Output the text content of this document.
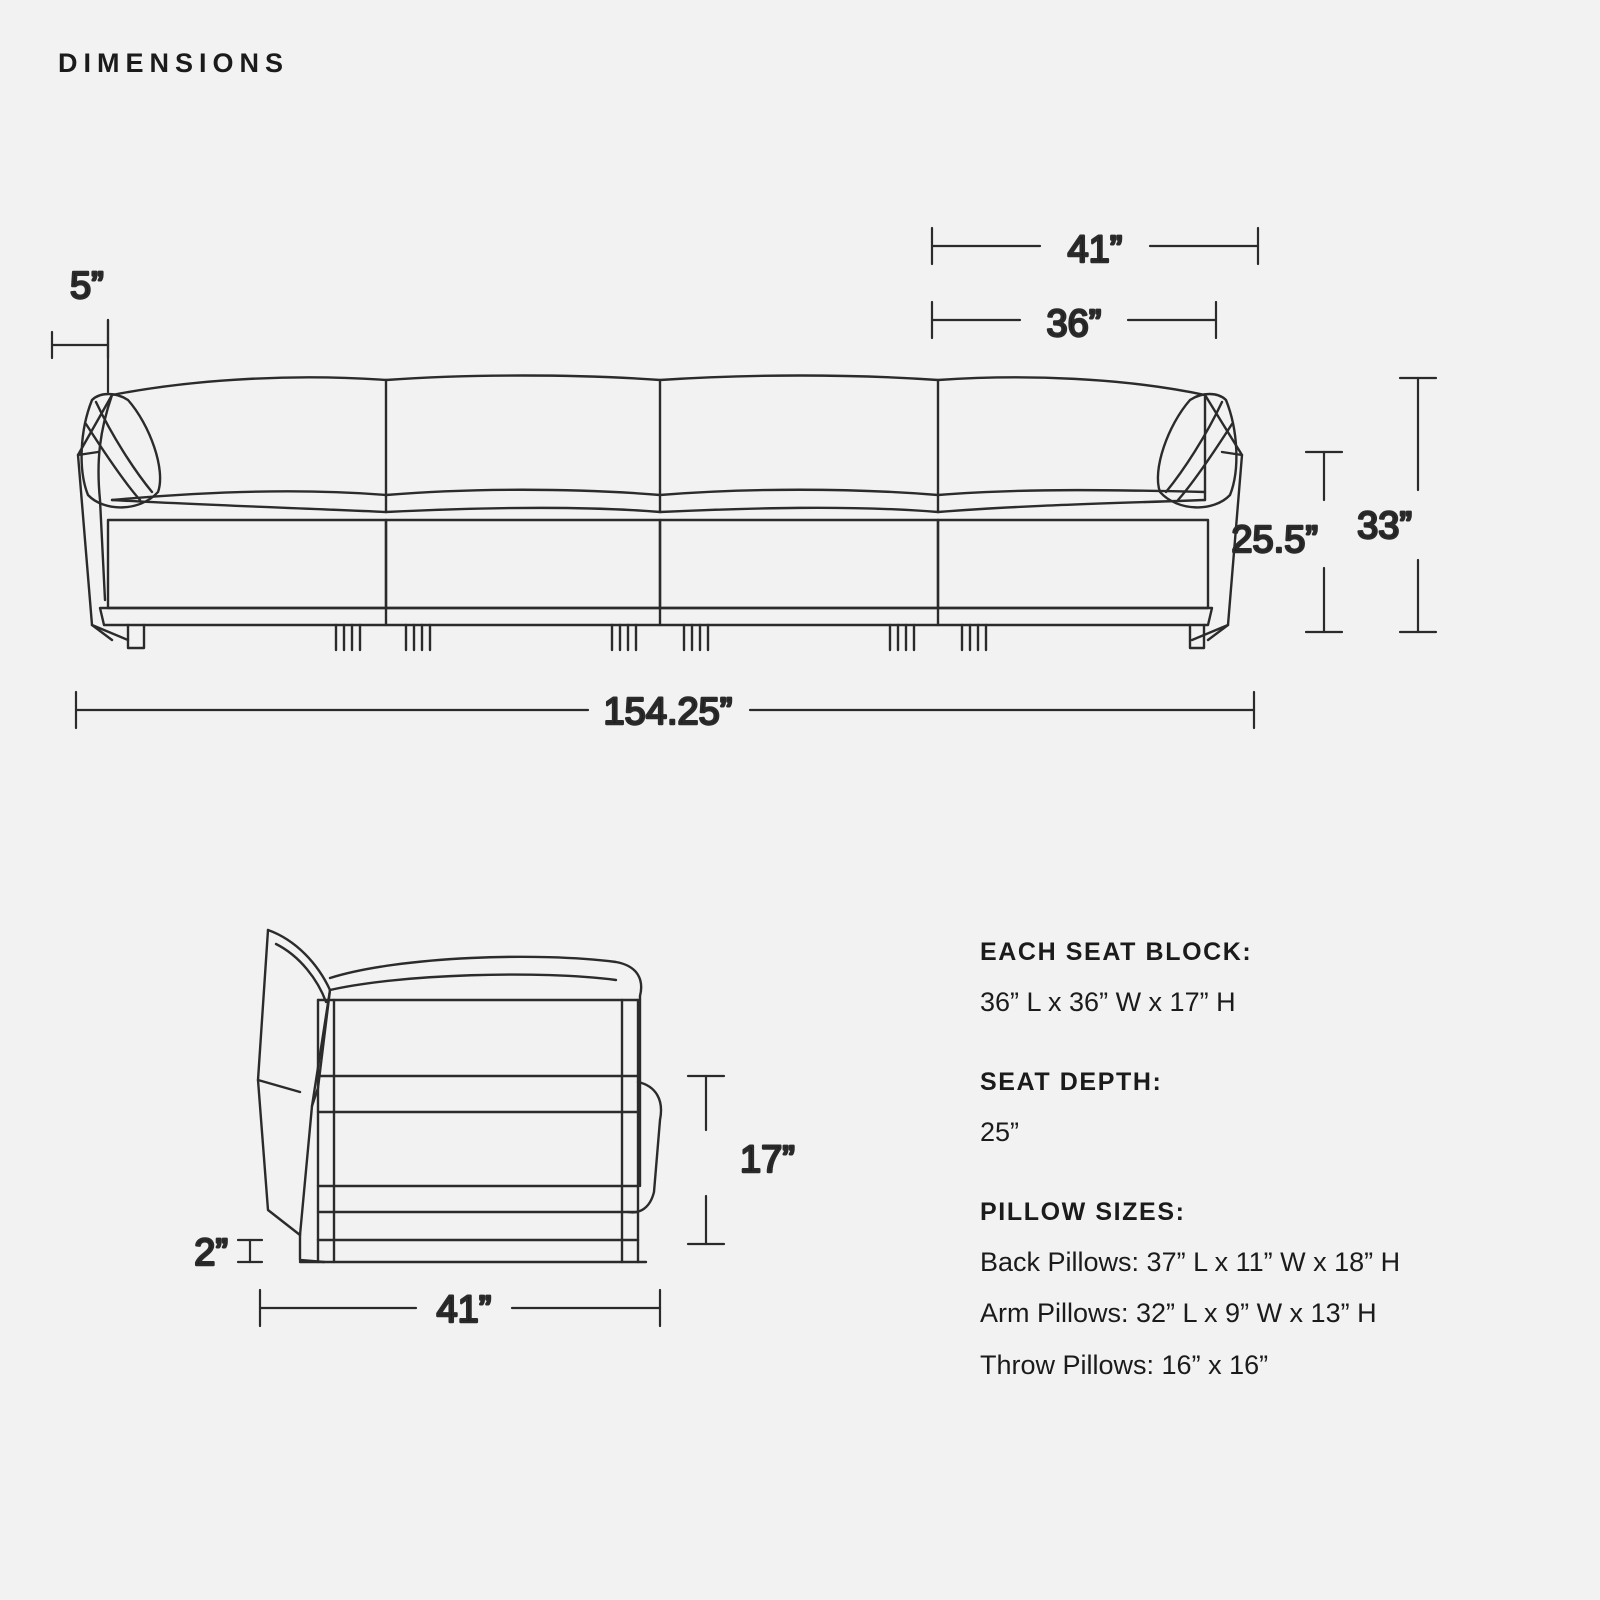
DIMENSIONS
5”
41”
36”
25.5” 33”
154.25”
17”
2”
41”
EACH SEAT BLOCK:
36” L x 36” W x 17” H
SEAT DEPTH:
25”
PILLOW SIZES:
Back Pillows: 37” L x 11” W x 18” H
Arm Pillows: 32” L x 9” W x 13” H
Throw Pillows: 16” x 16”
